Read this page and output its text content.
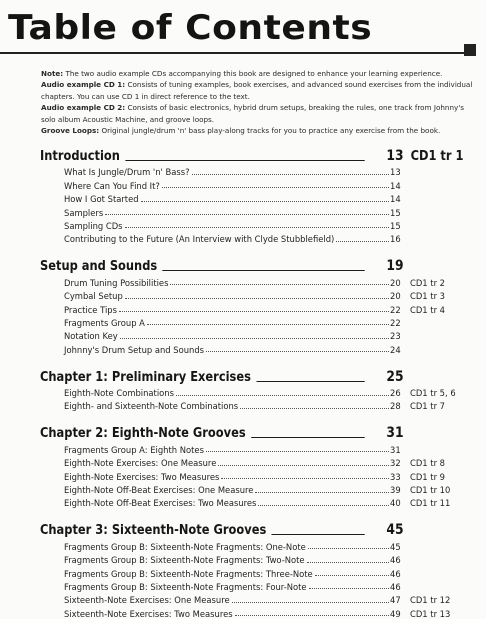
Table of Contents

Note: The two audio example CDs accompanying this book are designed to enhance your learning experience.

Audio example CD 1: Consists of tuning examples, book exercises, and advanced sound exercises from the individual chapters. You can use CD 1 in direct reference to the text.

Audio example CD 2: Consists of basic electronics, hybrid drum setups, breaking the rules, one track from Johnny's solo album Acoustic Machine, and groove loops.

Groove Loops: Original jungle/drum 'n' bass play-along tracks for you to practice any exercise from the book.

Introduction	13 CD1 tr 1
What Is Jungle/Drum 'n' Bass?	13
Where Can You Find It?	14
How I Got Started	14
Samplers	15
Sampling CDs	15
Contributing to the Future (An Interview with Clyde Stubblefield)	16
Setup and Sounds	19
Drum Tuning Possibilities	20	CD1 tr 2
Cymbal Setup	20	CD1 tr 3
Practice Tips	22	CD1 tr 4
Fragments Group A	22
Notation Key	23
Johnny's Drum Setup and Sounds	24
Chapter 1: Preliminary Exercises	25
Eighth-Note Combinations	26	CD1 tr 5, 6
Eighth- and Sixteenth-Note Combinations	28	CD1 tr 7
Chapter 2: Eighth-Note Grooves	31
Fragments Group A: Eighth Notes	31
Eighth-Note Exercises: One Measure	32	CD1 tr 8
Eighth-Note Exercises: Two Measures	33	CD1 tr 9
Eighth-Note Off-Beat Exercises: One Measure	39	CD1 tr 10
Eighth-Note Off-Beat Exercises: Two Measures	40	CD1 tr 11
Chapter 3: Sixteenth-Note Grooves	45
Fragments Group B: Sixteenth-Note Fragments: One-Note	45
Fragments Group B: Sixteenth-Note Fragments: Two-Note	46
Fragments Group B: Sixteenth-Note Fragments: Three-Note	46
Fragments Group B: Sixteenth-Note Fragments: Four-Note	46
Sixteenth-Note Exercises: One Measure	47	CD1 tr 12
Sixteenth-Note Exercises: Two Measures	49	CD1 tr 13
